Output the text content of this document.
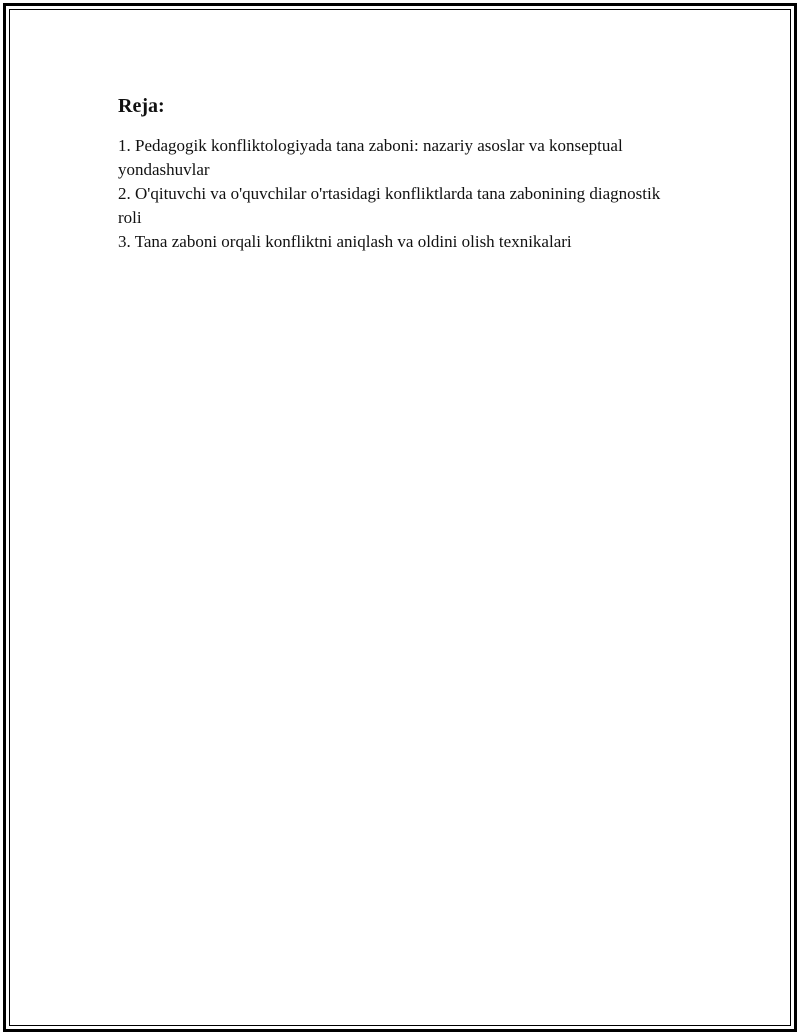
Reja:
1. Pedagogik konfliktologiyada tana zaboni: nazariy asoslar va konseptual yondashuvlar
2. O'qituvchi va o'quvchilar o'rtasidagi konfliktlarda tana zabonining diagnostik roli
3. Tana zaboni orqali konfliktni aniqlash va oldini olish texnikalari
